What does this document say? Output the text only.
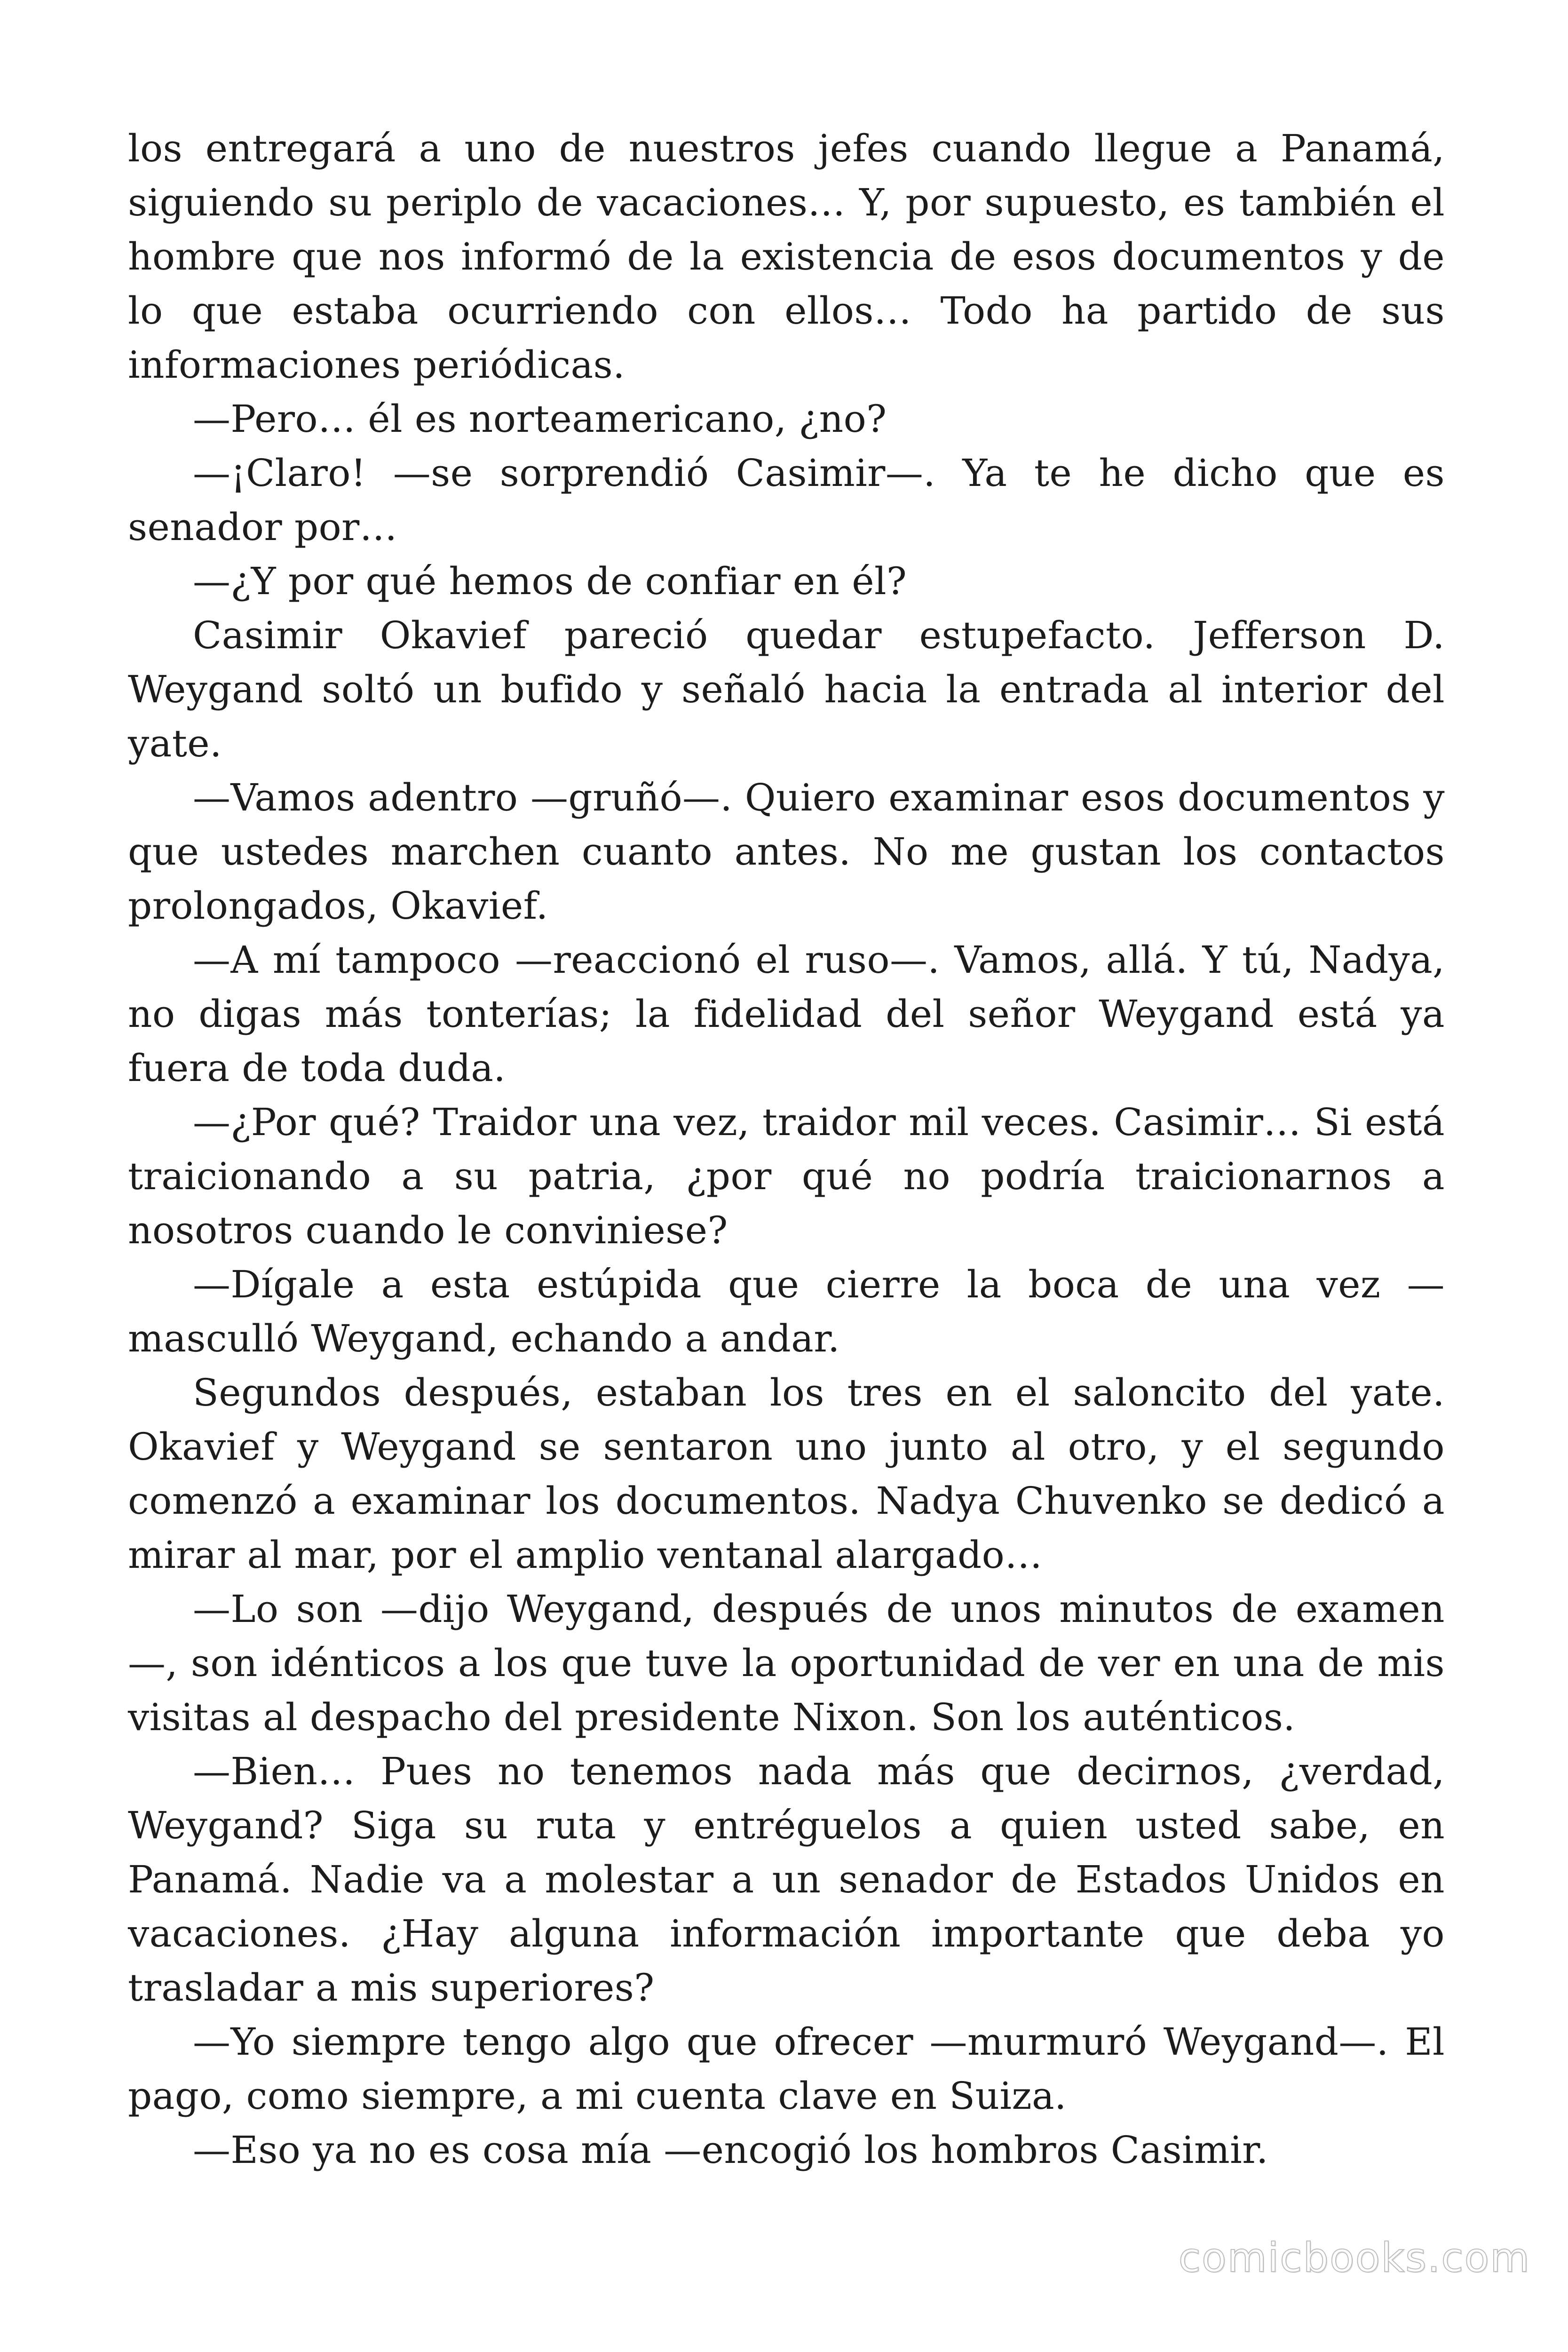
los entregará a uno de nuestros jefes cuando llegue a Panamá, siguiendo su periplo de vacaciones… Y, por supuesto, es también el hombre que nos informó de la existencia de esos documentos y de lo que estaba ocurriendo con ellos… Todo ha partido de sus informaciones periódicas.

—Pero… él es norteamericano, ¿no?

—¡Claro! —se sorprendió Casimir—. Ya te he dicho que es senador por…

—¿Y por qué hemos de confiar en él?

Casimir Okavief pareció quedar estupefacto. Jefferson D. Weygand soltó un bufido y señaló hacia la entrada al interior del yate.

—Vamos adentro —gruñó—. Quiero examinar esos documentos y que ustedes marchen cuanto antes. No me gustan los contactos prolongados, Okavief.

—A mí tampoco —reaccionó el ruso—. Vamos, allá. Y tú, Nadya, no digas más tonterías; la fidelidad del señor Weygand está ya fuera de toda duda.

—¿Por qué? Traidor una vez, traidor mil veces. Casimir… Si está traicionando a su patria, ¿por qué no podría traicionarnos a nosotros cuando le conviniese?

—Dígale a esta estúpida que cierre la boca de una vez —masculló Weygand, echando a andar.

Segundos después, estaban los tres en el saloncito del yate. Okavief y Weygand se sentaron uno junto al otro, y el segundo comenzó a examinar los documentos. Nadya Chuvenko se dedicó a mirar al mar, por el amplio ventanal alargado…

—Lo son —dijo Weygand, después de unos minutos de examen—, son idénticos a los que tuve la oportunidad de ver en una de mis visitas al despacho del presidente Nixon. Son los auténticos.

—Bien… Pues no tenemos nada más que decirnos, ¿verdad, Weygand? Siga su ruta y entréguelos a quien usted sabe, en Panamá. Nadie va a molestar a un senador de Estados Unidos en vacaciones. ¿Hay alguna información importante que deba yo trasladar a mis superiores?

—Yo siempre tengo algo que ofrecer —murmuró Weygand—. El pago, como siempre, a mi cuenta clave en Suiza.

—Eso ya no es cosa mía —encogió los hombros Casimir.

comicbooks.com
